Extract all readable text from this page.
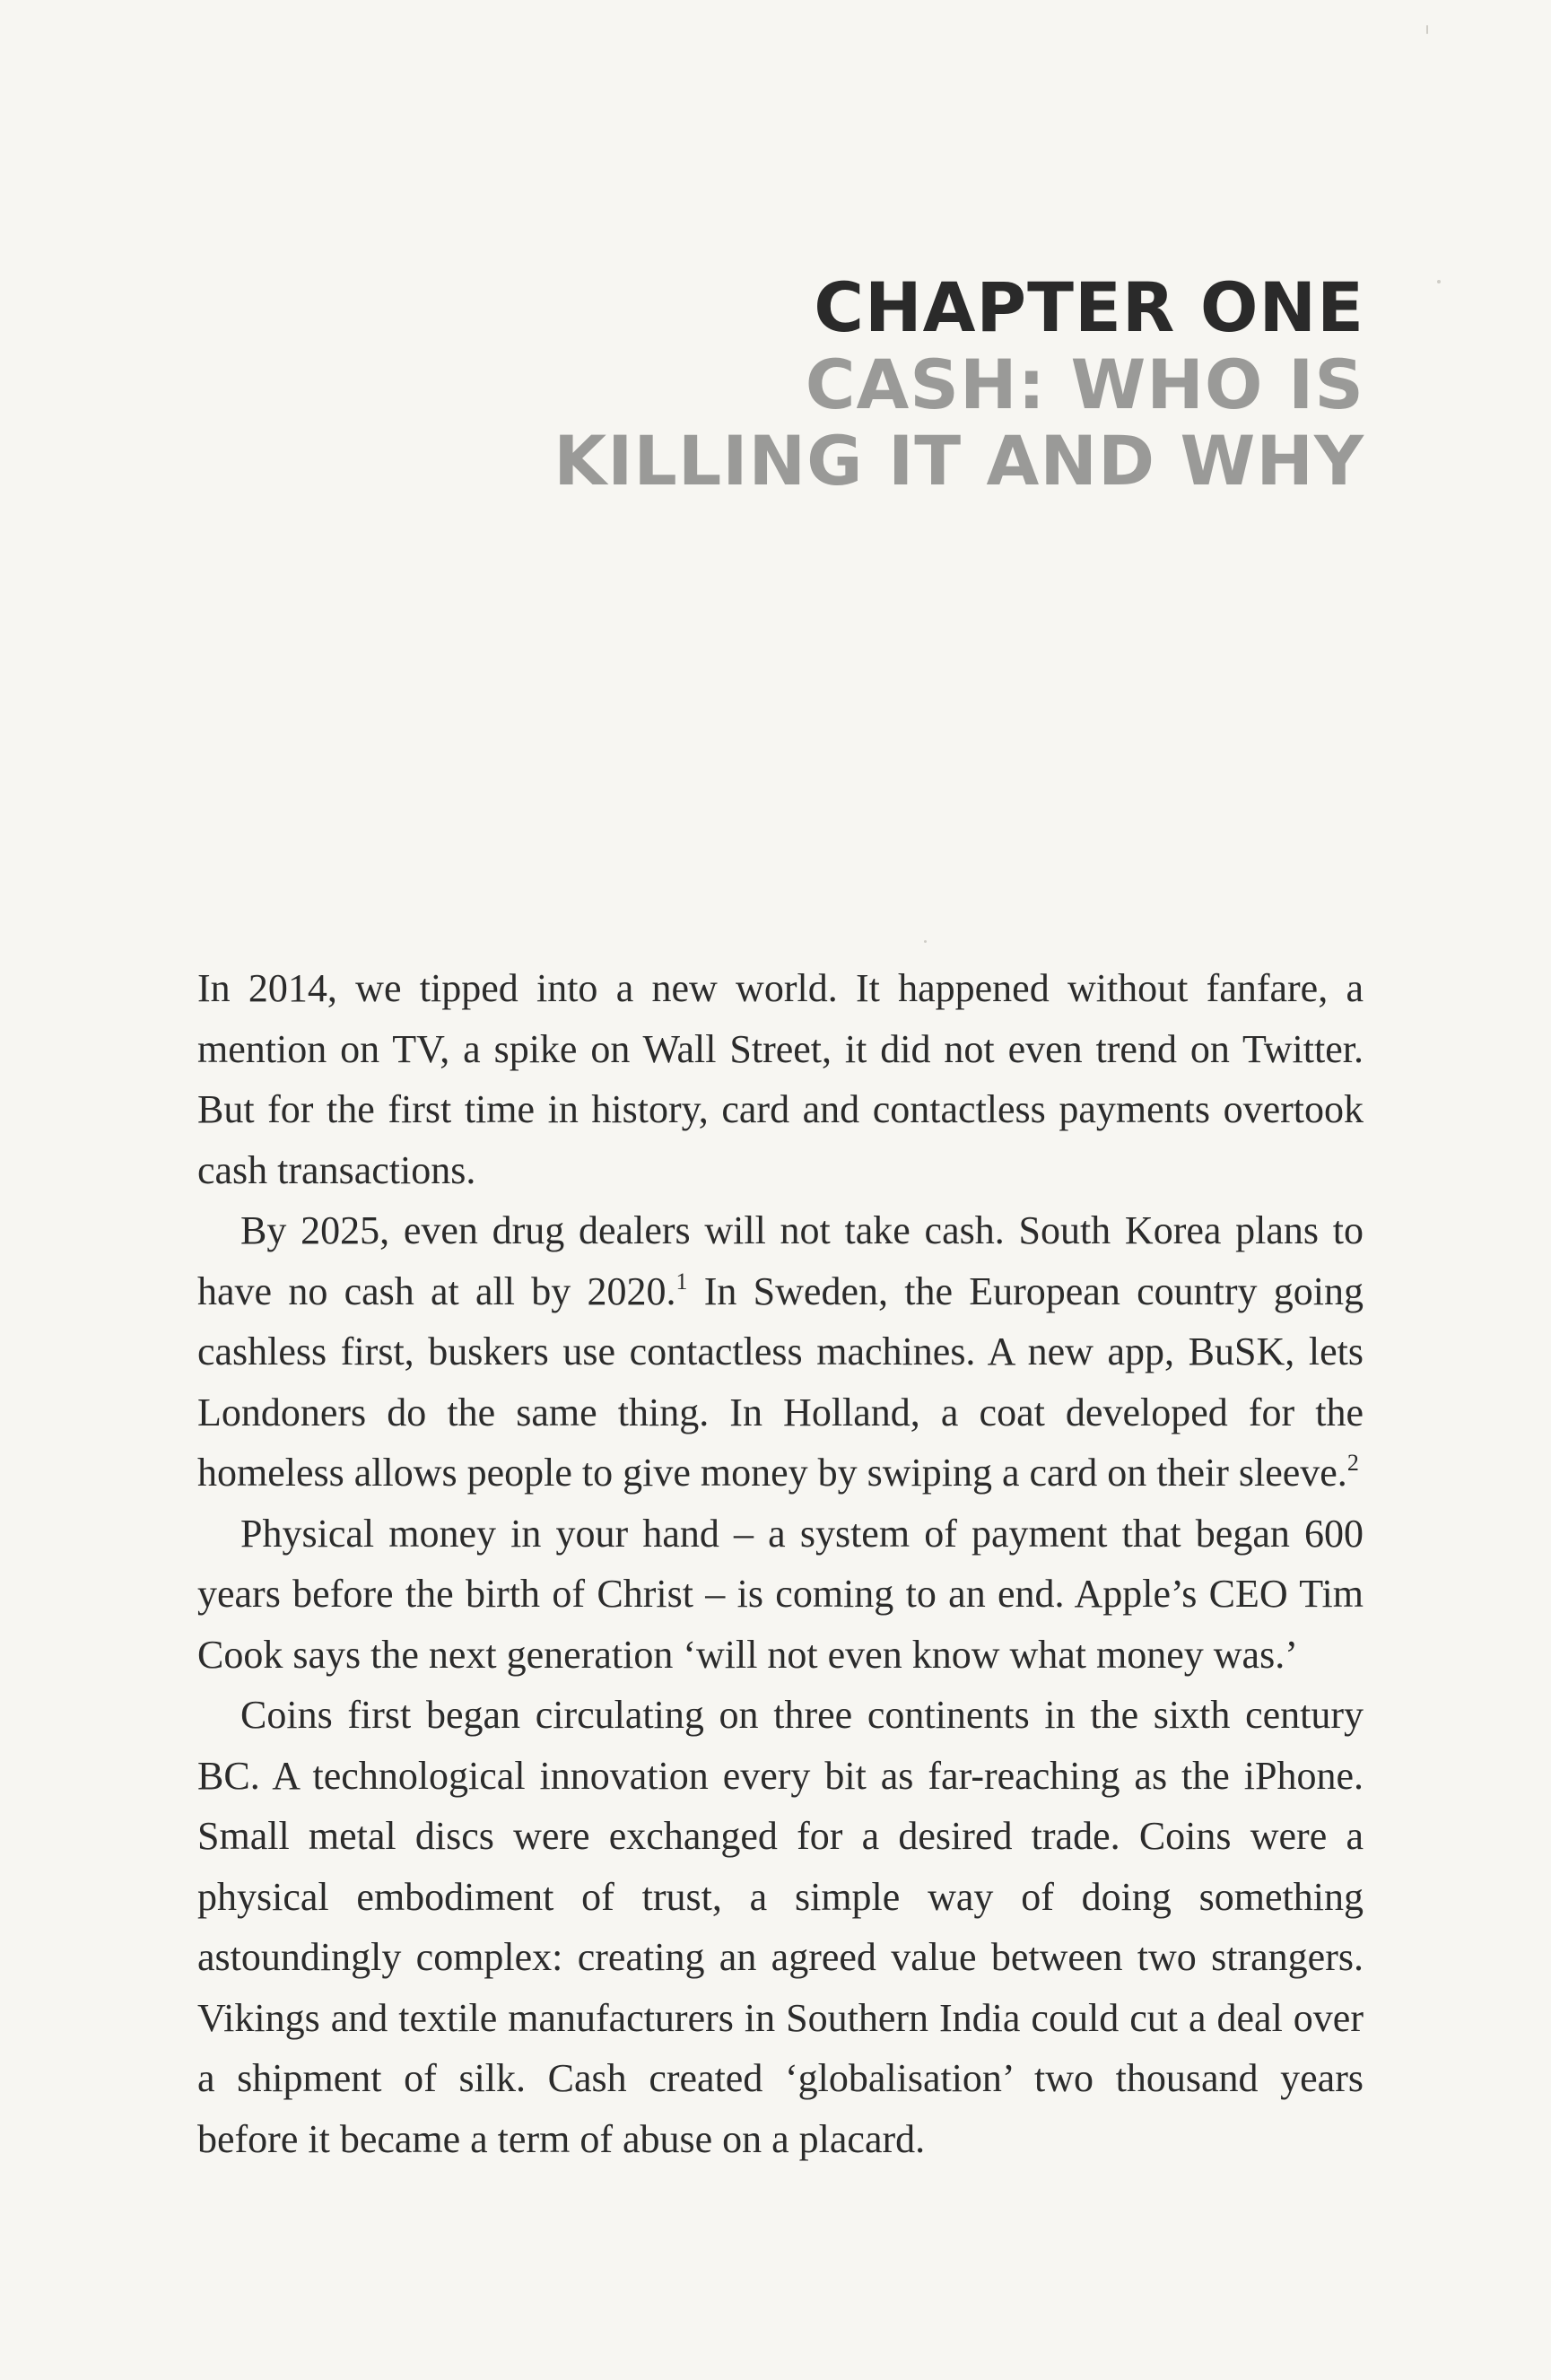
CHAPTER ONE
CASH: WHO IS
KILLING IT AND WHY

In 2014, we tipped into a new world. It happened without fanfare, a mention on TV, a spike on Wall Street, it did not even trend on Twitter. But for the first time in history, card and contactless payments overtook cash transactions.

By 2025, even drug dealers will not take cash. South Korea plans to have no cash at all by 2020.$^1$ In Sweden, the European country going cashless first, buskers use contactless machines. A new app, BuSK, lets Londoners do the same thing. In Holland, a coat developed for the homeless allows people to give money by swiping a card on their sleeve.$^2$

Physical money in your hand – a system of payment that began 600 years before the birth of Christ – is coming to an end. Apple’s CEO Tim Cook says the next generation ‘will not even know what money was.’

Coins first began circulating on three continents in the sixth century BC. A technological innovation every bit as far-reaching as the iPhone. Small metal discs were exchanged for a desired trade. Coins were a physical embodiment of trust, a simple way of doing something astoundingly complex: creating an agreed value between two strangers. Vikings and textile manufacturers in Southern India could cut a deal over a shipment of silk. Cash created ‘globalisation’ two thousand years before it became a term of abuse on a placard.
